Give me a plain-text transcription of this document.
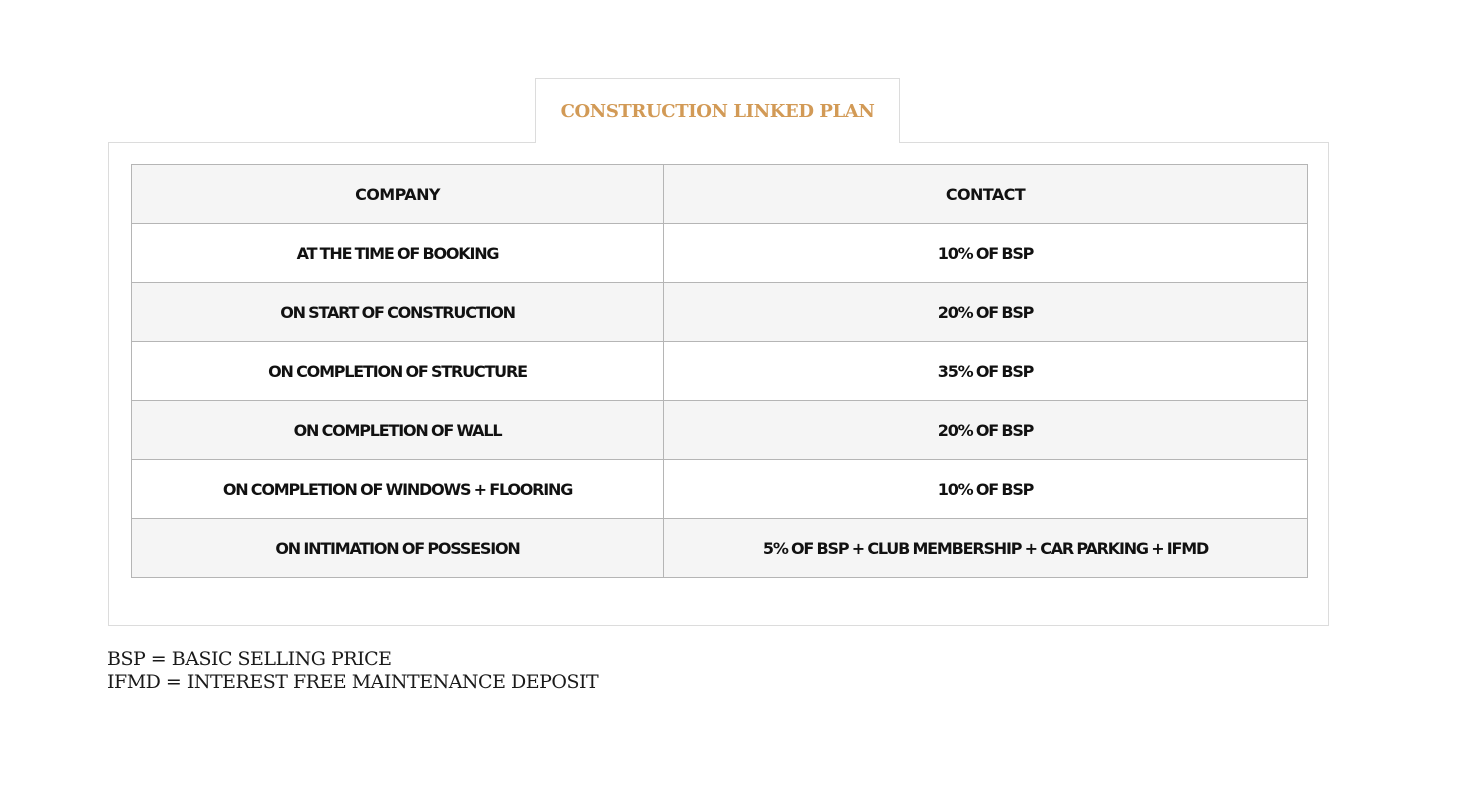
CONSTRUCTION LINKED PLAN
COMPANY	CONTACT
AT THE TIME OF BOOKING	10% OF BSP
ON START OF CONSTRUCTION	20% OF BSP
ON COMPLETION OF STRUCTURE	35% OF BSP
ON COMPLETION OF WALL	20% OF BSP
ON COMPLETION OF WINDOWS + FLOORING	10% OF BSP
ON INTIMATION OF POSSESION	5% OF BSP + CLUB MEMBERSHIP + CAR PARKING + IFMD
BSP = BASIC SELLING PRICE
IFMD = INTEREST FREE MAINTENANCE DEPOSIT
